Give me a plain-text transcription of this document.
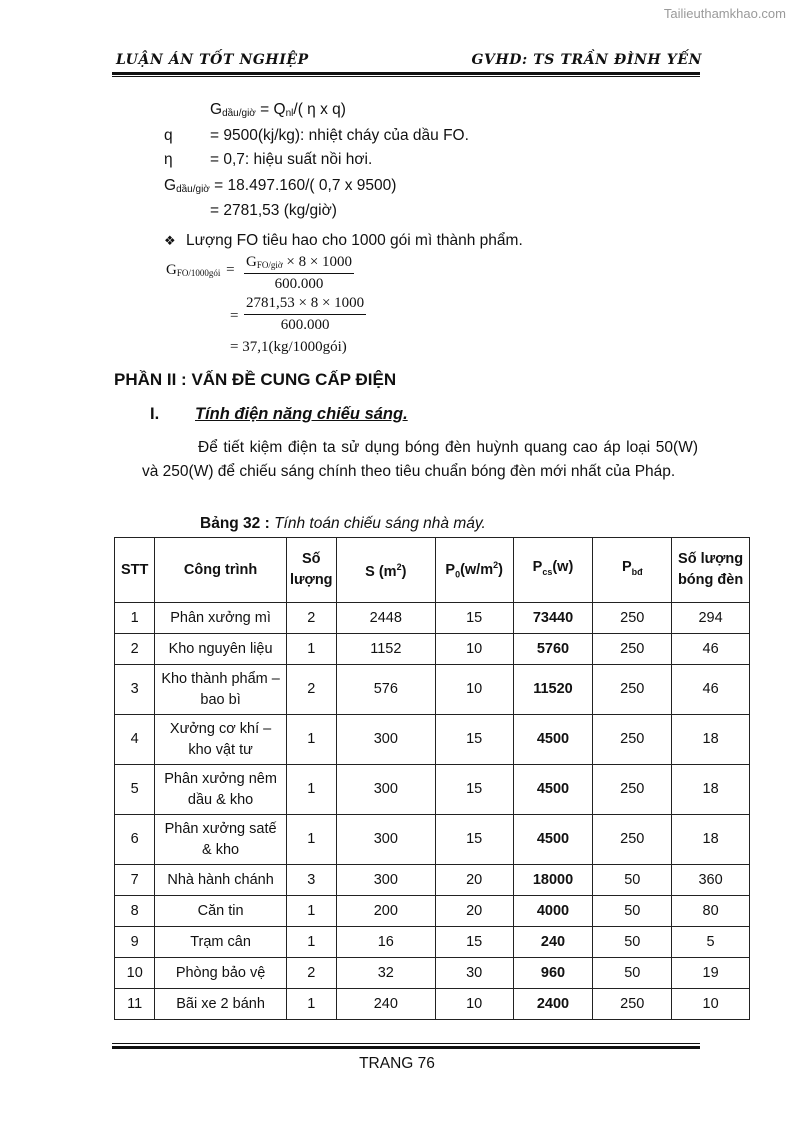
Tailieuthamkhao.com
LUẬN ÁN TỐT NGHIỆP	GVHD: TS TRẦN ĐÌNH YẾN
$G_{dầu/giờ} = Q_{nl}/$( η x q)
q = 9500(kj/kg): nhiệt cháy của dầu FO.
η = 0,7: hiệu suất nồi hơi.
$G_{dầu/giờ} = 18.497.160/$( 0,7 x 9500)
= 2781,53 (kg/giờ)
❖ Lượng FO tiêu hao cho 1000 gói mì thành phẩm.
$G_{FO/1000gói} = \frac{G_{FO/giờ} \times 8 \times 1000}{600.000}$
= $\frac{2781,53 \times 8 \times 1000}{600.000}$
= 37,1(kg/1000gói)
PHẦN II : VẤN ĐỀ CUNG CẤP ĐIỆN
I. Tính điện năng chiếu sáng.
Để tiết kiệm điện ta sử dụng bóng đèn huỳnh quang cao áp loại 50(W) và 250(W) để chiếu sáng chính theo tiêu chuẩn bóng đèn mới nhất của Pháp.
Bảng 32 : Tính toán chiếu sáng nhà máy.
STT	Công trình	Số
lượng	S $(m^2)$	$P_0(w/m^2)$	$P_{cs}(w)$	$P_{bđ}$	Số lượng
bóng đèn
1	Phân xưởng mì	2	2448	15	73440	250	294
2	Kho nguyên liệu	1	1152	10	5760	250	46
3	Kho thành phẩm – bao bì	2	576	10	11520	250	46
4	Xưởng cơ khí – kho vật tư	1	300	15	4500	250	18
5	Phân xưởng nêm dầu & kho	1	300	15	4500	250	18
6	Phân xưởng satế & kho	1	300	15	4500	250	18
7	Nhà hành chánh	3	300	20	18000	50	360
8	Căn tin	1	200	20	4000	50	80
9	Trạm cân	1	16	15	240	50	5
10	Phòng bảo vệ	2	32	30	960	50	19
11	Bãi xe 2 bánh	1	240	10	2400	250	10
TRANG 76
